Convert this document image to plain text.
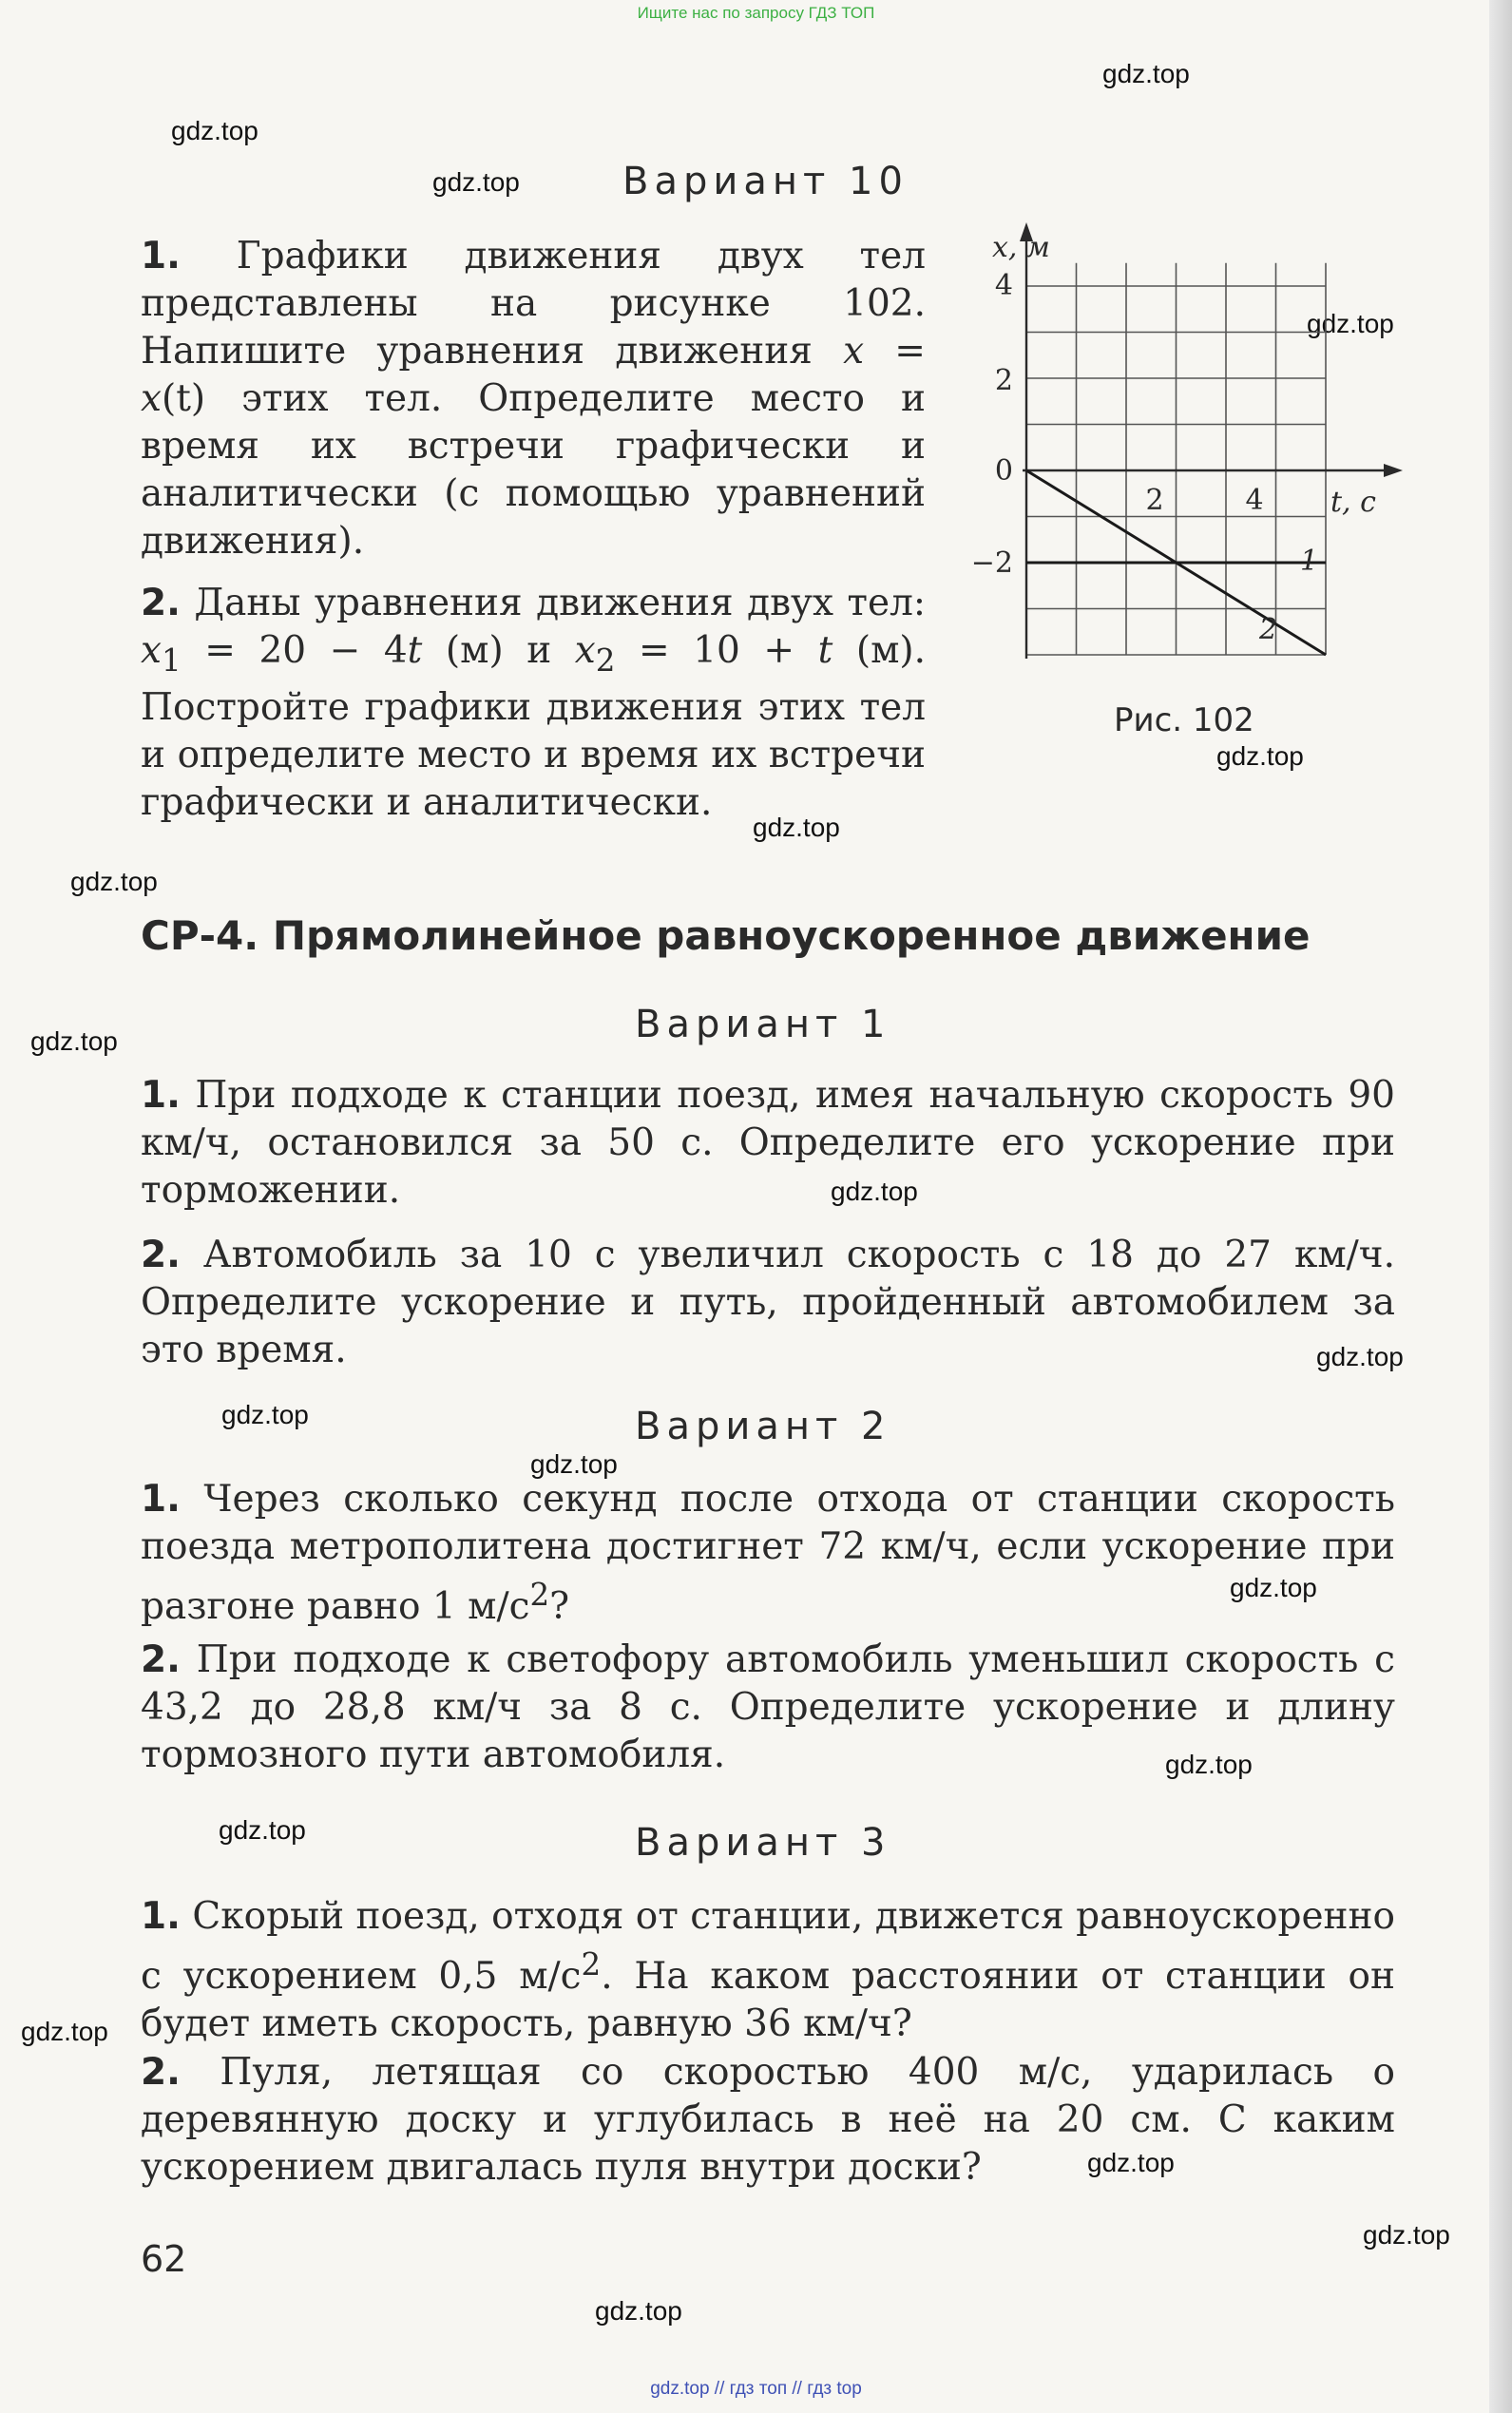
Ищите нас по запросу ГДЗ ТОП
gdz.top
gdz.top
gdz.top
gdz.top
gdz.top
gdz.top
gdz.top
gdz.top
gdz.top
gdz.top
gdz.top
gdz.top
gdz.top
gdz.top
gdz.top
gdz.top
gdz.top
gdz.top
gdz.top
Вариант 10
1. Графики движения двух тел представлены на рисунке 102. Напишите уравнения движения x = x(t) этих тел. Определите место и время их встречи графически и аналитически (с помощью уравнений движения).
2. Даны уравнения движения двух тел: $x_1 = 20 - 4t$ (м) и $x_2 = 10 + t$ (м). Постройте графики движения этих тел и определите место и время их встречи графически и аналитически.
x, м
t, с
4
2
0
−2
2	4
1
2
Рис. 102
СР-4. Прямолинейное равноускоренное движение
Вариант 1
1. При подходе к станции поезд, имея начальную скорость 90 км/ч, остановился за 50 с. Определите его ускорение при торможении.
2. Автомобиль за 10 с увеличил скорость с 18 до 27 км/ч. Определите ускорение и путь, пройденный автомобилем за это время.
Вариант 2
1. Через сколько секунд после отхода от станции скорость поезда метрополитена достигнет 72 км/ч, если ускорение при разгоне равно 1 $м/с^2$?
2. При подходе к светофору автомобиль уменьшил скорость с 43,2 до 28,8 км/ч за 8 с. Определите ускорение и длину тормозного пути автомобиля.
Вариант 3
1. Скорый поезд, отходя от станции, движется равноускоренно с ускорением 0,5 $м/с^2$. На каком расстоянии от станции он будет иметь скорость, равную 36 км/ч?
2. Пуля, летящая со скоростью 400 м/с, ударилась о деревянную доску и углубилась в неё на 20 см. С каким ускорением двигалась пуля внутри доски?
62
gdz.top // гдз топ // гдз top
